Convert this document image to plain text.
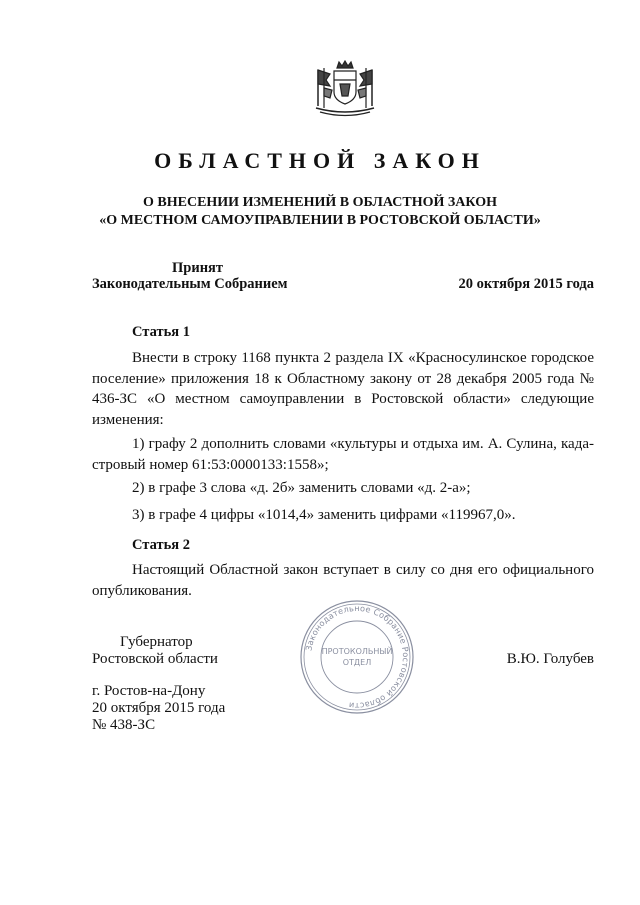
ОБЛАСТНОЙ ЗАКОН
О ВНЕСЕНИИ ИЗМЕНЕНИЙ В ОБЛАСТНОЙ ЗАКОН
«О МЕСТНОМ САМОУПРАВЛЕНИИ В РОСТОВСКОЙ ОБЛАСТИ»
Принят
Законодательным Собранием	20 октября 2015 года
Статья 1
Внести в строку 1168 пункта 2 раздела IX «Красносулинское городское поселение» приложения 18 к Областному закону от 28 декабря 2005 года № 436-ЗС «О местном самоуправлении в Ростовской области» следующие изменения:
1) графу 2 дополнить словами «культуры и отдыха им. А. Сулина, када-стровый номер 61:53:0000133:1558»;
2) в графе 3 слова «д. 2б» заменить словами «д. 2-а»;
3) в графе 4 цифры «1014,4» заменить цифрами «119967,0».
Статья 2
Настоящий Областной закон вступает в силу со дня его официального опубликования.
Губернатор
Ростовской области	В.Ю. Голубев
Законодательное Собрание Ростовской области
ПРОТОКОЛЬНЫЙ
ОТДЕЛ
г. Ростов-на-Дону
20 октября 2015 года
№ 438-ЗС
